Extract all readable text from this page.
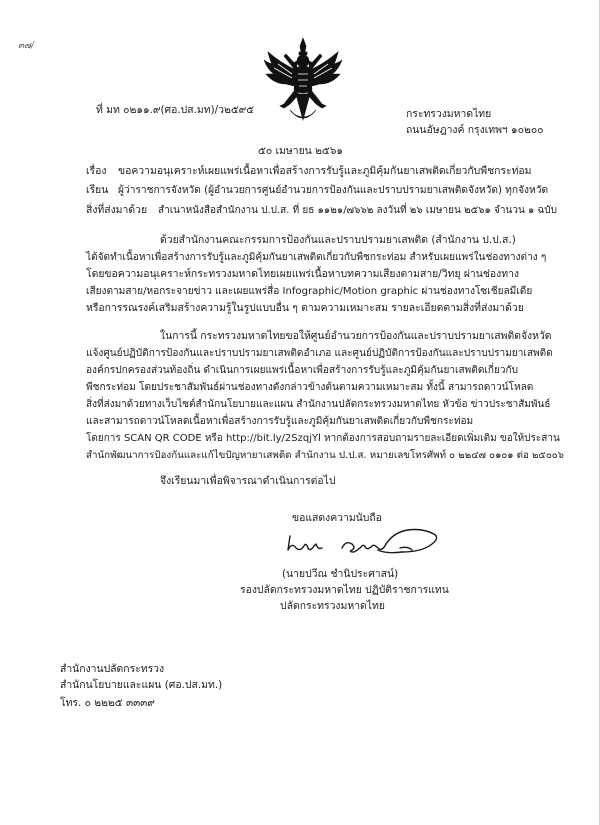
๓๗/
ที่ มท ๐๒๑๑.๙(ศอ.ปส.มท)/ว๒๕๙๕	กระทรวงมหาดไทย
ถนนอัษฎางค์ กรุงเทพฯ ๑๐๒๐๐
๕๐ เมษายน ๒๕๖๑
เรื่อง ขอความอนุเคราะห์เผยแพร่เนื้อหาเพื่อสร้างการรับรู้และภูมิคุ้มกันยาเสพติดเกี่ยวกับพืชกระท่อม
เรียน ผู้ว่าราชการจังหวัด (ผู้อำนวยการศูนย์อำนวยการป้องกันและปราบปรามยาเสพติดจังหวัด) ทุกจังหวัด
สิ่งที่ส่งมาด้วย สำเนาหนังสือสำนักงาน ป.ป.ส. ที่ ยธ ๑๑๒๑/๗๖๖๒ ลงวันที่ ๒๖ เมษายน ๒๕๖๑ จำนวน ๑ ฉบับ
ด้วยสำนักงานคณะกรรมการป้องกันและปราบปรามยาเสพติด (สำนักงาน ป.ป.ส.)
ได้จัดทำเนื้อหาเพื่อสร้างการรับรู้และภูมิคุ้มกันยาเสพติดเกี่ยวกับพืชกระท่อม สำหรับเผยแพร่ในช่องทางต่าง ๆ
โดยขอความอนุเคราะห์กระทรวงมหาดไทยเผยแพร่เนื้อหาบทความเสียงตามสาย/วิทยุ ผ่านช่องทาง
เสียงตามสาย/หอกระจายข่าว และเผยแพร่สื่อ Infographic/Motion graphic ผ่านช่องทางโซเชียลมีเดีย
หรือการรณรงค์เสริมสร้างความรู้ในรูปแบบอื่น ๆ ตามความเหมาะสม รายละเอียดตามสิ่งที่ส่งมาด้วย
ในการนี้ กระทรวงมหาดไทยขอให้ศูนย์อำนวยการป้องกันและปราบปรามยาเสพติดจังหวัด
แจ้งศูนย์ปฏิบัติการป้องกันและปราบปรามยาเสพติดอำเภอ และศูนย์ปฏิบัติการป้องกันและปราบปรามยาเสพติด
องค์กรปกครองส่วนท้องถิ่น ดำเนินการเผยแพร่เนื้อหาเพื่อสร้างการรับรู้และภูมิคุ้มกันยาเสพติดเกี่ยวกับ
พืชกระท่อม โดยประชาสัมพันธ์ผ่านช่องทางดังกล่าวข้างต้นตามความเหมาะสม ทั้งนี้ สามารถดาวน์โหลด
สิ่งที่ส่งมาด้วยทางเว็บไซต์สำนักนโยบายและแผน สำนักงานปลัดกระทรวงมหาดไทย หัวข้อ ข่าวประชาสัมพันธ์
และสามารถดาวน์โหลดเนื้อหาเพื่อสร้างการรับรู้และภูมิคุ้มกันยาเสพติดเกี่ยวกับพืชกระท่อม
โดยการ SCAN QR CODE หรือ http://bit.ly/2SzqjYl หากต้องการสอบถามรายละเอียดเพิ่มเติม ขอให้ประสาน
สำนักพัฒนาการป้องกันและแก้ไขปัญหายาเสพติด สำนักงาน ป.ป.ส. หมายเลขโทรศัพท์ ๐ ๒๒๔๗ ๐๑๐๑ ต่อ ๒๕๐๐๖
จึงเรียนมาเพื่อพิจารณาดำเนินการต่อไป
ขอแสดงความนับถือ
(นายปวีณ ชำนิประศาสน์)
รองปลัดกระทรวงมหาดไทย ปฏิบัติราชการแทน
ปลัดกระทรวงมหาดไทย
สำนักงานปลัดกระทรวง
สำนักนโยบายและแผน (ศอ.ปส.มท.)
โทร. ๐ ๒๒๒๕ ๓๓๓๙
